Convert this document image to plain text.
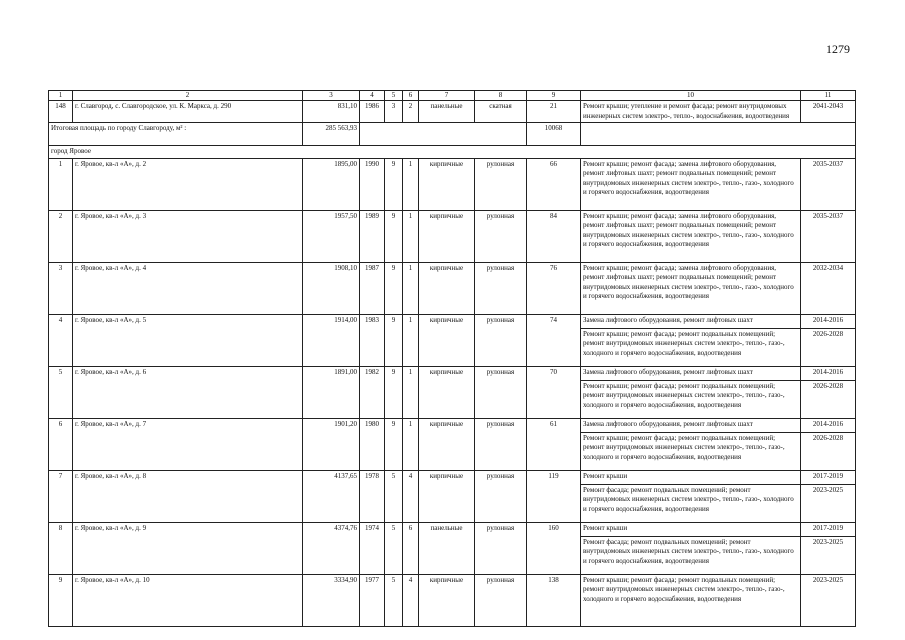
1279
1	2	3	4	5	6	7	8	9	10	11
148	г. Славгород, с. Славгородское, ул. К. Маркса, д. 290	831,10	1986	3	2	панельные	скатная	21	Ремонт крыши; утепление и ремонт фасада; ремонт внутридомовых инженерных систем электро-, тепло-, водоснабжения, водоотведения	2041-2043
Итоговая площадь по городу Славгороду, м² :		285 563,93						10068		
город Яровое										
1	г. Яровое, кв-л «А», д. 2	1895,00	1990	9	1	кирпичные	рулонная	66	Ремонт крыши; ремонт фасада; замена лифтового оборудования, ремонт лифтовых шахт; ремонт подвальных помещений; ремонт внутридомовых инженерных систем электро-, тепло-, газо-, холодного и горячего водоснабжения, водоотведения	2035-2037
2	г. Яровое, кв-л «А», д. 3	1957,50	1989	9	1	кирпичные	рулонная	84	Ремонт крыши; ремонт фасада; замена лифтового оборудования, ремонт лифтовых шахт; ремонт подвальных помещений; ремонт внутридомовых инженерных систем электро-, тепло-, газо-, холодного и горячего водоснабжения, водоотведения	2035-2037
3	г. Яровое, кв-л «А», д. 4	1908,10	1987	9	1	кирпичные	рулонная	76	Ремонт крыши; ремонт фасада; замена лифтового оборудования, ремонт лифтовых шахт; ремонт подвальных помещений; ремонт внутридомовых инженерных систем электро-, тепло-, газо-, холодного и горячего водоснабжения, водоотведения	2032-2034
4	г. Яровое, кв-л «А», д. 5	1914,00	1983	9	1	кирпичные	рулонная	74	Замена лифтового оборудования, ремонт лифтовых шахт	2014-2016
									Ремонт крыши; ремонт фасада; ремонт подвальных помещений; ремонт внутридомовых инженерных систем электро-, тепло-, газо-, холодного и горячего водоснабжения, водоотведения	2026-2028
5	г. Яровое, кв-л «А», д. 6	1891,00	1982	9	1	кирпичные	рулонная	70	Замена лифтового оборудования, ремонт лифтовых шахт	2014-2016
									Ремонт крыши; ремонт фасада; ремонт подвальных помещений; ремонт внутридомовых инженерных систем электро-, тепло-, газо-, холодного и горячего водоснабжения, водоотведения	2026-2028
6	г. Яровое, кв-л «А», д. 7	1901,20	1980	9	1	кирпичные	рулонная	61	Замена лифтового оборудования, ремонт лифтовых шахт	2014-2016
									Ремонт крыши; ремонт фасада; ремонт подвальных помещений; ремонт внутридомовых инженерных систем электро-, тепло-, газо-, холодного и горячего водоснабжения, водоотведения	2026-2028
7	г. Яровое, кв-л «А», д. 8	4137,65	1978	5	4	кирпичные	рулонная	119	Ремонт крыши	2017-2019
									Ремонт фасада; ремонт подвальных помещений; ремонт внутридомовых инженерных систем электро-, тепло-, газо-, холодного и горячего водоснабжения, водоотведения	2023-2025
8	г. Яровое, кв-л «А», д. 9	4374,76	1974	5	6	панельные	рулонная	160	Ремонт крыши	2017-2019
									Ремонт фасада; ремонт подвальных помещений; ремонт внутридомовых инженерных систем электро-, тепло-, газо-, холодного и горячего водоснабжения, водоотведения	2023-2025
9	г. Яровое, кв-л «А», д. 10	3334,90	1977	5	4	кирпичные	рулонная	138	Ремонт крыши; ремонт фасада; ремонт подвальных помещений; ремонт внутридомовых инженерных систем электро-, тепло-, газо-, холодного и горячего водоснабжения, водоотведения	2023-2025
